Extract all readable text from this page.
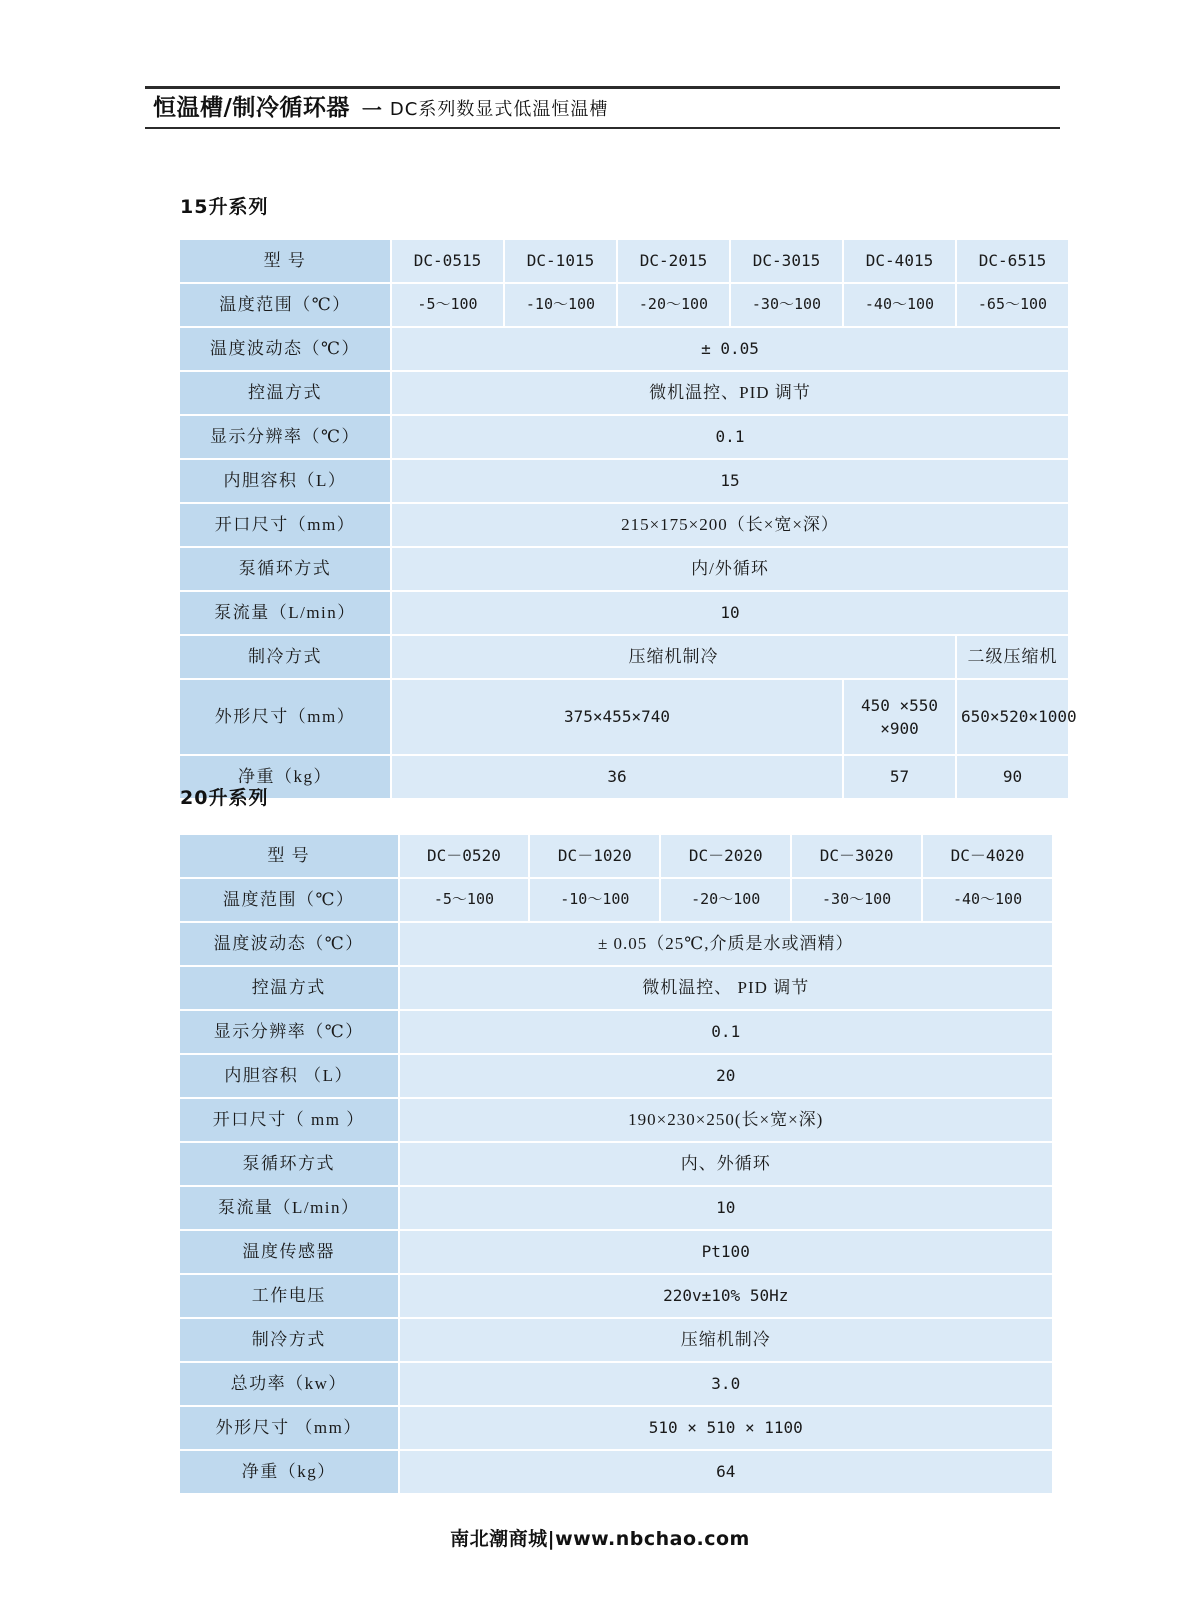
恒温槽/制冷循环器 一 DC系列数显式低温恒温槽
15升系列
型 号	DC-0515	DC-1015	DC-2015	DC-3015	DC-4015	DC-6515
温度范围（℃）	-5～100	-10～100	-20～100	-30～100	-40～100	-65～100
温度波动态（℃）	± 0.05					
控温方式	微机温控、PID 调节					
显示分辨率（℃）	0.1					
内胆容积（L）	15					
开口尺寸（mm）	215×175×200（长×宽×深）					
泵循环方式	内/外循环					
泵流量（L/min）	10					
制冷方式	压缩机制冷					二级压缩机
外形尺寸（mm）	375×455×740				450 ×550 ×900	650×520×1000
净重（kg）	36				57	90
20升系列
型 号	DC－0520	DC－1020	DC－2020	DC－3020	DC－4020
温度范围（℃）	-5～100	-10～100	-20～100	-30～100	-40～100
温度波动态（℃）	± 0.05（25℃,介质是水或酒精）				
控温方式	微机温控、 PID 调节				
显示分辨率（℃）	0.1				
内胆容积 （L）	20				
开口尺寸（ mm ）	190×230×250(长×宽×深)				
泵循环方式	内、外循环				
泵流量（L/min）	10				
温度传感器	Pt100				
工作电压	220v±10% 50Hz				
制冷方式	压缩机制冷				
总功率（kw）	3.0				
外形尺寸 （mm）	510 × 510 × 1100				
净重（kg）	64				
南北潮商城|www.nbchao.com
